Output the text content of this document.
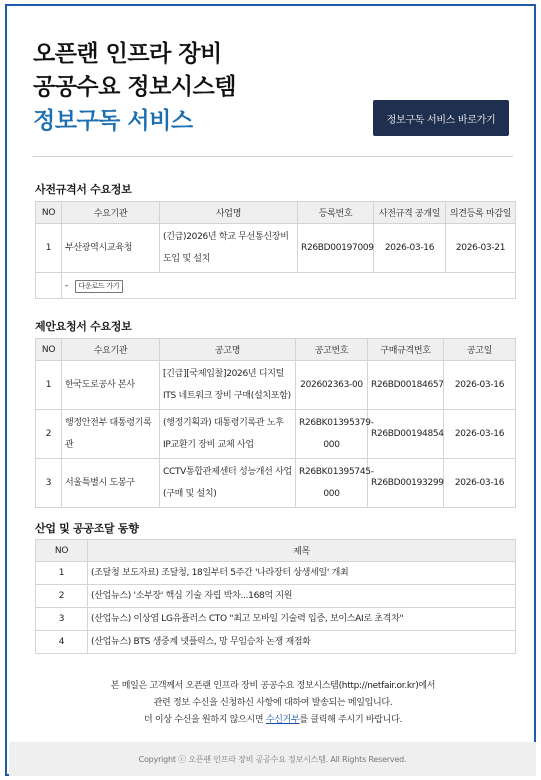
오픈랜 인프라 장비
공공수요 정보시스템
정보구독 서비스	정보구독 서비스 바로가기
사전규격서 수요정보
NO	수요기관	사업명	등록번호	사전규격 공개일	의견등록 마감일
1	부산광역시교육청	(긴급)2026년 학교 무선통신장비 도입 및 설치	R26BD00197009	2026-03-16	2026-03-21
	- 다운로드 가기				
제안요청서 수요정보
NO	수요기관	공고명	공고번호	구매규격번호	공고일
1	한국도로공사 본사	[긴급][국제입찰]2026년 디지털 ITS 네트워크 장비 구매(설치포함)	202602363-00	R26BD00184657	2026-03-16
2	행정안전부 대통령기록관	(행정기획과) 대통령기록관 노후 IP교환기 장비 교체 사업	R26BK01395379-000	R26BD00194854	2026-03-16
3	서울특별시 도봉구	CCTV통합관제센터 성능개선 사업(구매 및 설치)	R26BK01395745-000	R26BD00193299	2026-03-16
산업 및 공공조달 동향
NO	제목
1	(조달청 보도자료) 조달청, 18일부터 5주간 '나라장터 상생세일' 개최
2	(산업뉴스) '소부장' 핵심 기술 자립 박차...168억 지원
3	(산업뉴스) 이상엽 LG유플러스 CTO "최고 모바일 기술력 입증, 보이스AI로 초격차"
4	(산업뉴스) BTS 생중계 넷플릭스, 망 무임승차 논쟁 재점화
본 메일은 고객께서 오픈랜 인프라 장비 공공수요 정보시스템(http://netfair.or.kr)에서
관련 정보 수신을 신청하신 사항에 대하여 발송되는 메일입니다.
더 이상 수신을 원하지 않으시면 수신거부를 클릭해 주시기 바랍니다.
Copyright ⓒ 오픈랜 인프라 장비 공공수요 정보시스템. All Rights Reserved.
